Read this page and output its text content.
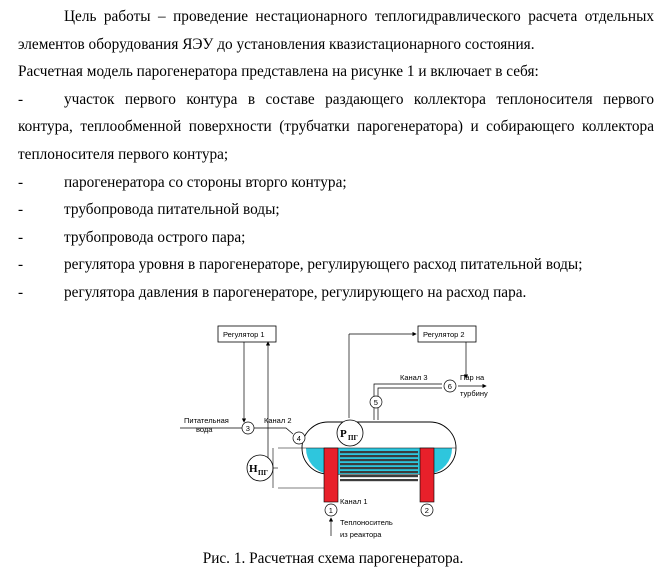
Цель работы – проведение нестационарного теплогидравлического расчета отдельных элементов оборудования ЯЭУ до установления квазистационарного состояния.

Расчетная модель парогенератора представлена на рисунке 1 и включает в себя:

-	участок первого контура в составе раздающего коллектора теплоносителя первого контура, теплообменной поверхности (трубчатки парогенератора) и собирающего коллектора теплоносителя первого контура;

-	парогенератора со стороны вторго контура;

-	трубопровода питательной воды;

-	трубопровода острого пара;

-	регулятора уровня в парогенераторе, регулирующего расход питательной воды;

-	регулятора давления в парогенераторе, регулирующего на расход пара.

Регулятор 1	Регулятор 2
Питательная
вода
Канал 2
Канал 3	Пар на
турбину
Канал 1
Теплоноситель
из реактора
1	2
3
4
5
6
P ПГ
H ПГ
Рис. 1. Расчетная схема парогенератора.
